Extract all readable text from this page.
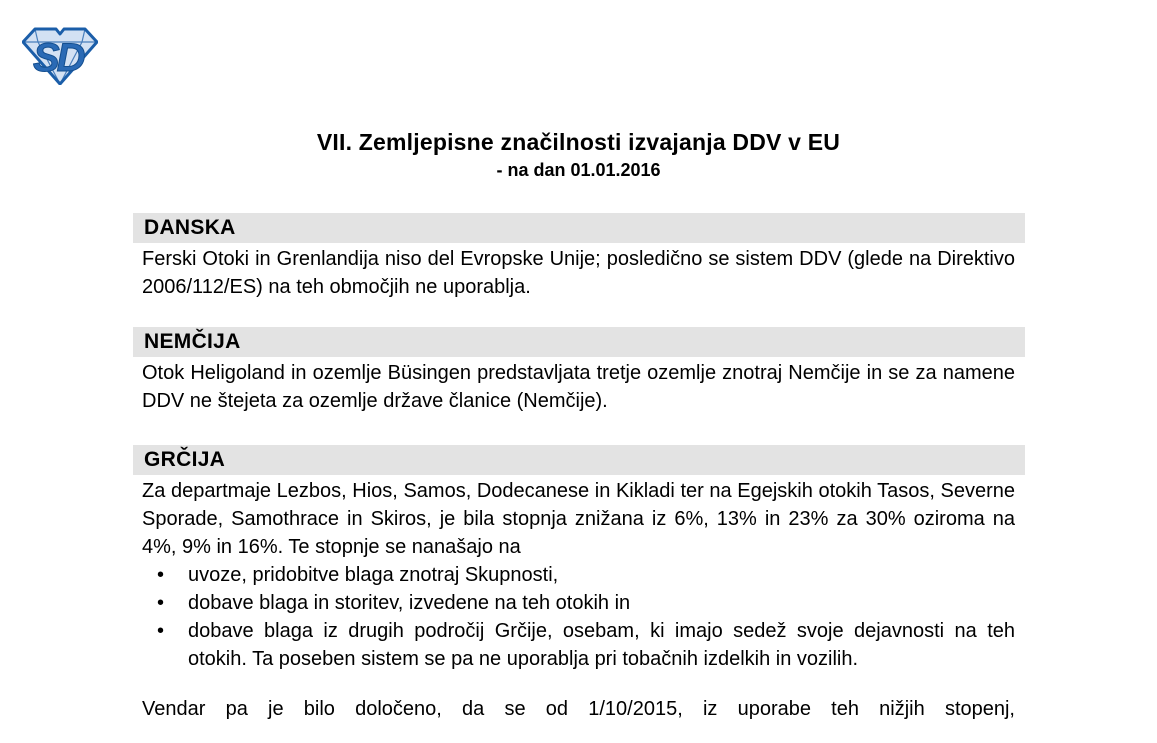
SD
VII. Zemljepisne značilnosti izvajanja DDV v EU
- na dan 01.01.2016
DANSKA

Ferski Otoki in Grenlandija niso del Evropske Unije; posledično se sistem DDV (glede na Direktivo 2006/112/ES) na teh območjih ne uporablja.

NEMČIJA

Otok Heligoland in ozemlje Büsingen predstavljata tretje ozemlje znotraj Nemčije in se za namene DDV ne štejeta za ozemlje države članice (Nemčije).

GRČIJA

Za departmaje Lezbos, Hios, Samos, Dodecanese in Kikladi ter na Egejskih otokih Tasos, Severne Sporade, Samothrace in Skiros, je bila stopnja znižana iz 6%, 13% in 23% za 30% oziroma na 4%, 9% in 16%. Te stopnje se nanašajo na

• uvoze, pridobitve blaga znotraj Skupnosti,
• dobave blaga in storitev, izvedene na teh otokih in
• dobave blaga iz drugih področij Grčije, osebam, ki imajo sedež svoje dejavnosti na teh otokih. Ta poseben sistem se pa ne uporablja pri tobačnih izdelkih in vozilih.

Vendar pa je bilo določeno, da se od 1/10/2015, iz uporabe teh nižjih stopenj,
